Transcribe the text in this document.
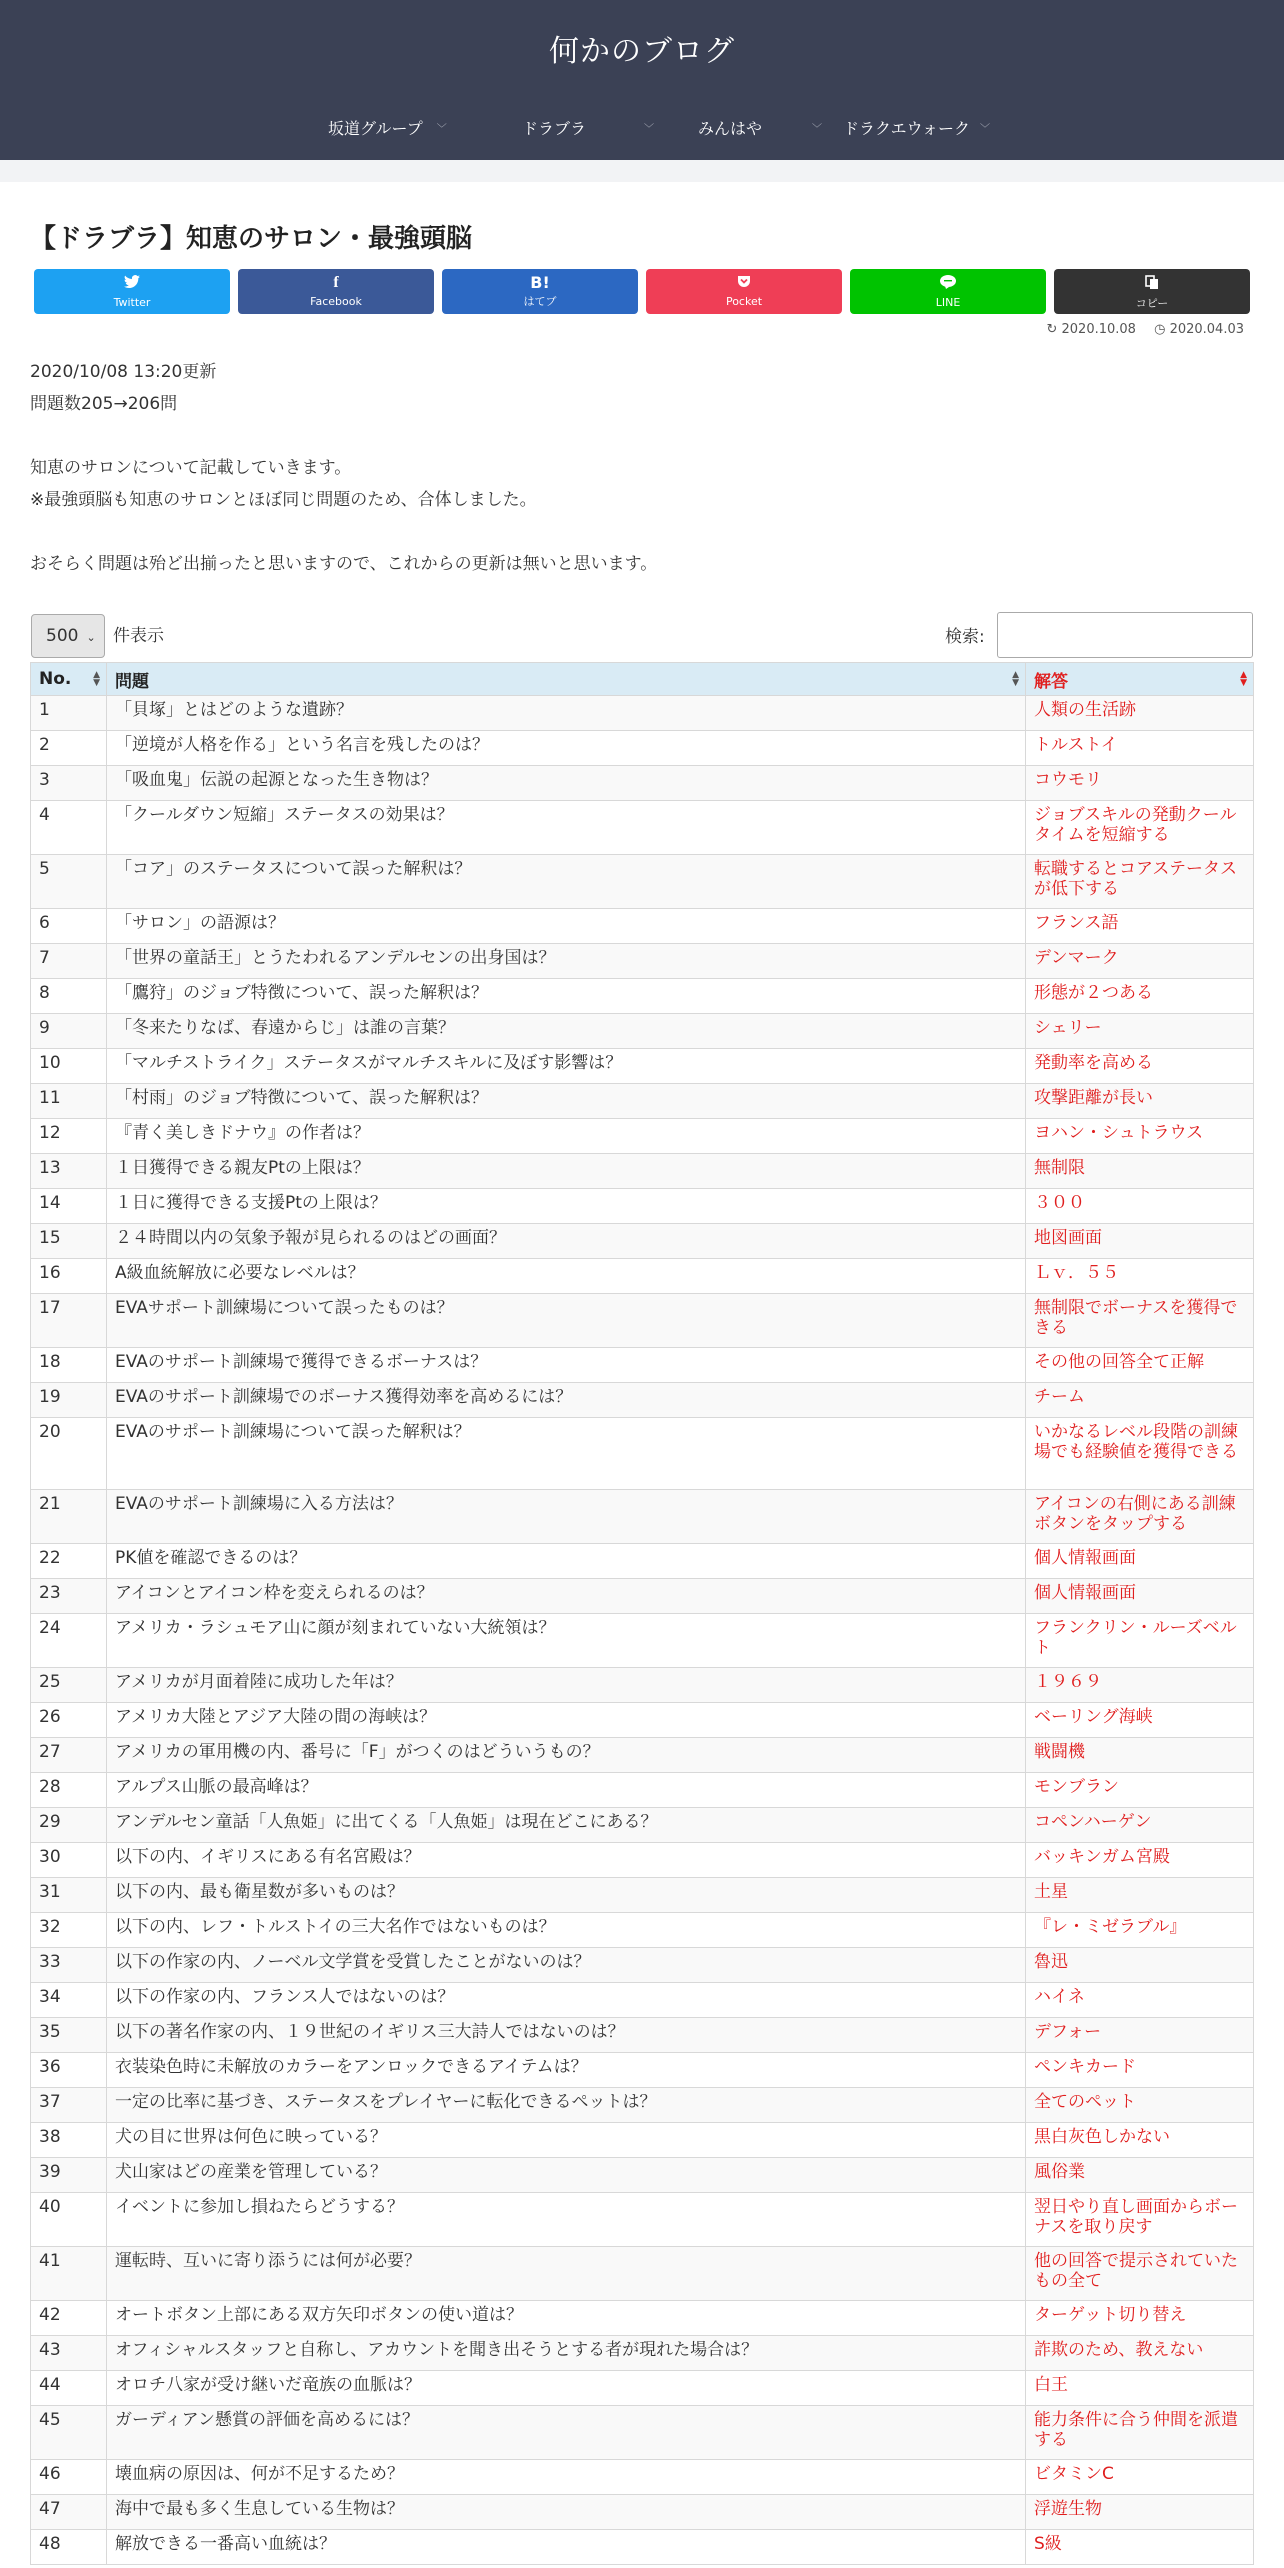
何かのブログ
坂道グループ ﹀	ドラブラ	﹀	みんはや	﹀ ドラクエウォーク ﹀
【ドラブラ】知恵のサロン・最強頭脳
Twitter
f
Facebook
B!
はてブ	Pocket	LINE	コピー
↻ 2020.10.08 ◷ 2020.04.03

2020/10/08 13:20更新

問題数205→206問

知恵のサロンについて記載していきます。

※最強頭脳も知恵のサロンとほぼ同じ問題のため、合体しました。

おそらく問題は殆ど出揃ったと思いますので、これからの更新は無いと思います。

500 ⌄ 件表示	検索:
No. ▲
▼	問題 ▲
▼	解答 ▲
▼

1	「貝塚」とはどのような遺跡？	人類の生活跡
2	「逆境が人格を作る」という名言を残したのは？	トルストイ
3	「吸血鬼」伝説の起源となった生き物は？	コウモリ
4	「クールダウン短縮」ステータスの効果は？	ジョブスキルの発動クールタイムを短縮する
5	「コア」のステータスについて誤った解釈は？	転職するとコアステータスが低下する
6	「サロン」の語源は？	フランス語
7	「世界の童話王」とうたわれるアンデルセンの出身国は？	デンマーク
8	「鷹狩」のジョブ特徴について、誤った解釈は？	形態が２つある
9	「冬来たりなば、春遠からじ」は誰の言葉？	シェリー
10	「マルチストライク」ステータスがマルチスキルに及ぼす影響は？	発動率を高める
11	「村雨」のジョブ特徴について、誤った解釈は？	攻撃距離が長い
12	『青く美しきドナウ』の作者は？	ヨハン・シュトラウス
13	１日獲得できる親友Ptの上限は？	無制限
14	１日に獲得できる支援Ptの上限は？	３００
15	２４時間以内の気象予報が見られるのはどの画面？	地図画面
16	A級血統解放に必要なレベルは？	Ｌｖ．５５
17	EVAサポート訓練場について誤ったものは？	無制限でボーナスを獲得できる
18	EVAのサポート訓練場で獲得できるボーナスは？	その他の回答全て正解
19	EVAのサポート訓練場でのボーナス獲得効率を高めるには？	チーム
20	EVAのサポート訓練場について誤った解釈は？	いかなるレベル段階の訓練場でも経験値を獲得できる
21	EVAのサポート訓練場に入る方法は？	アイコンの右側にある訓練ボタンをタップする
22	PK値を確認できるのは？	個人情報画面
23	アイコンとアイコン枠を変えられるのは？	個人情報画面
24	アメリカ・ラシュモア山に顔が刻まれていない大統領は？	フランクリン・ルーズベルト
25	アメリカが月面着陸に成功した年は？	１９６９
26	アメリカ大陸とアジア大陸の間の海峡は？	ベーリング海峡
27	アメリカの軍用機の内、番号に「F」がつくのはどういうもの？	戦闘機
28	アルプス山脈の最高峰は？	モンブラン
29	アンデルセン童話「人魚姫」に出てくる「人魚姫」は現在どこにある？	コペンハーゲン
30	以下の内、イギリスにある有名宮殿は？	バッキンガム宮殿
31	以下の内、最も衛星数が多いものは？	土星
32	以下の内、レフ・トルストイの三大名作ではないものは？	『レ・ミゼラブル』
33	以下の作家の内、ノーベル文学賞を受賞したことがないのは？	魯迅
34	以下の作家の内、フランス人ではないのは？	ハイネ
35	以下の著名作家の内、１９世紀のイギリス三大詩人ではないのは？	デフォー
36	衣装染色時に未解放のカラーをアンロックできるアイテムは？	ペンキカード
37	一定の比率に基づき、ステータスをプレイヤーに転化できるペットは？	全てのペット
38	犬の目に世界は何色に映っている？	黒白灰色しかない
39	犬山家はどの産業を管理している？	風俗業
40	イベントに参加し損ねたらどうする？	翌日やり直し画面からボーナスを取り戻す
41	運転時、互いに寄り添うには何が必要？	他の回答で提示されていたもの全て
42	オートボタン上部にある双方矢印ボタンの使い道は？	ターゲット切り替え
43	オフィシャルスタッフと自称し、アカウントを聞き出そうとする者が現れた場合は？	詐欺のため、教えない
44	オロチ八家が受け継いだ竜族の血脈は？	白王
45	ガーディアン懸賞の評価を高めるには？	能力条件に合う仲間を派遣する
46	壊血病の原因は、何が不足するため？	ビタミンC
47	海中で最も多く生息している生物は？	浮遊生物
48	解放できる一番高い血統は？	S級
